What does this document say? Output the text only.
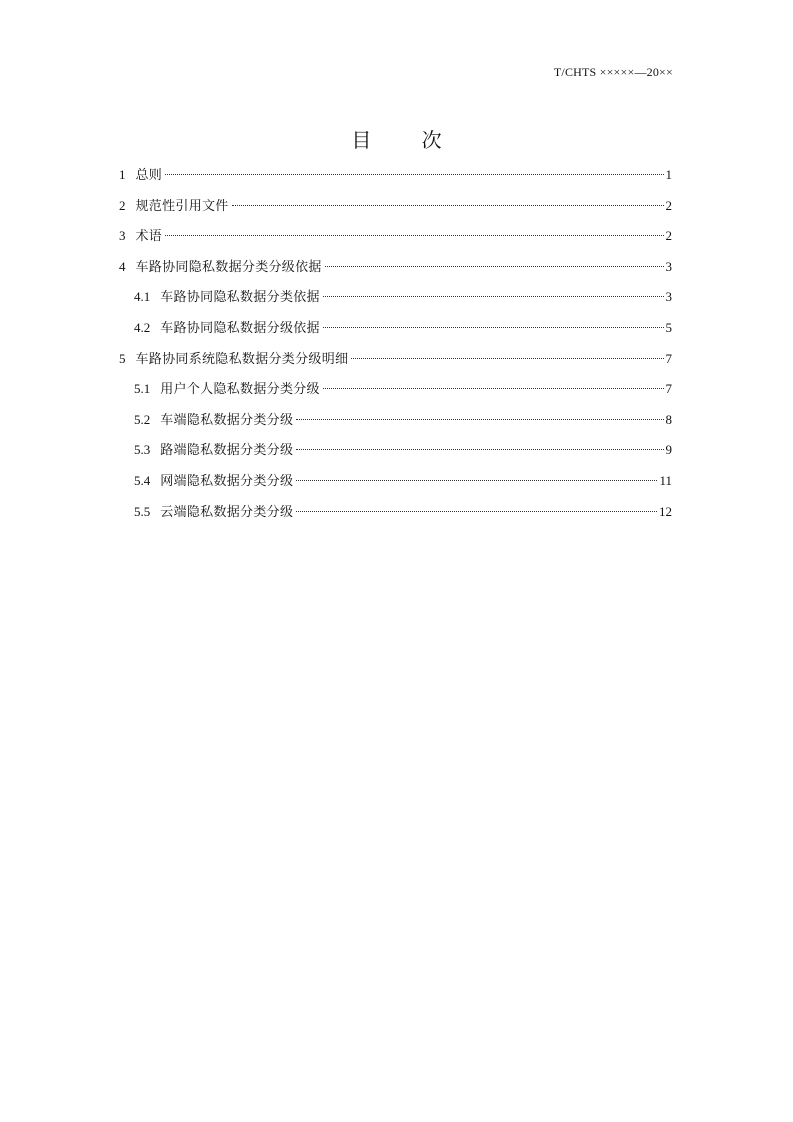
T/CHTS ×××××—20××
目 次
1 总则	1
2 规范性引用文件	2
3 术语	2
4 车路协同隐私数据分类分级依据	3
4.1 车路协同隐私数据分类依据	3
4.2 车路协同隐私数据分级依据	5
5 车路协同系统隐私数据分类分级明细	7
5.1 用户个人隐私数据分类分级	7
5.2 车端隐私数据分类分级	8
5.3 路端隐私数据分类分级	9
5.4 网端隐私数据分类分级	11
5.5 云端隐私数据分类分级	12
